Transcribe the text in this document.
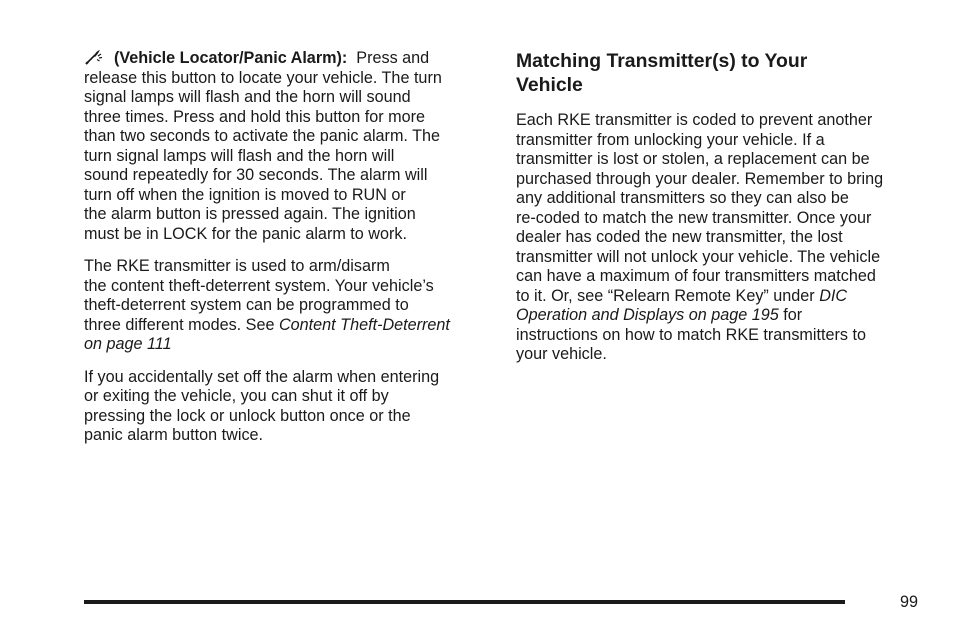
(Vehicle Locator/Panic Alarm): Press and
release this button to locate your vehicle. The turn
signal lamps will flash and the horn will sound
three times. Press and hold this button for more
than two seconds to activate the panic alarm. The
turn signal lamps will flash and the horn will
sound repeatedly for 30 seconds. The alarm will
turn off when the ignition is moved to RUN or
the alarm button is pressed again. The ignition
must be in LOCK for the panic alarm to work.

The RKE transmitter is used to arm/disarm
the content theft-deterrent system. Your vehicle’s
theft-deterrent system can be programmed to
three different modes. See Content Theft-Deterrent
on page 111

If you accidentally set off the alarm when entering
or exiting the vehicle, you can shut it off by
pressing the lock or unlock button once or the
panic alarm button twice.

Matching Transmitter(s) to Your
Vehicle

Each RKE transmitter is coded to prevent another
transmitter from unlocking your vehicle. If a
transmitter is lost or stolen, a replacement can be
purchased through your dealer. Remember to bring
any additional transmitters so they can also be
re-coded to match the new transmitter. Once your
dealer has coded the new transmitter, the lost
transmitter will not unlock your vehicle. The vehicle
can have a maximum of four transmitters matched
to it. Or, see “Relearn Remote Key” under DIC
Operation and Displays on page 195 for
instructions on how to match RKE transmitters to
your vehicle.

99
